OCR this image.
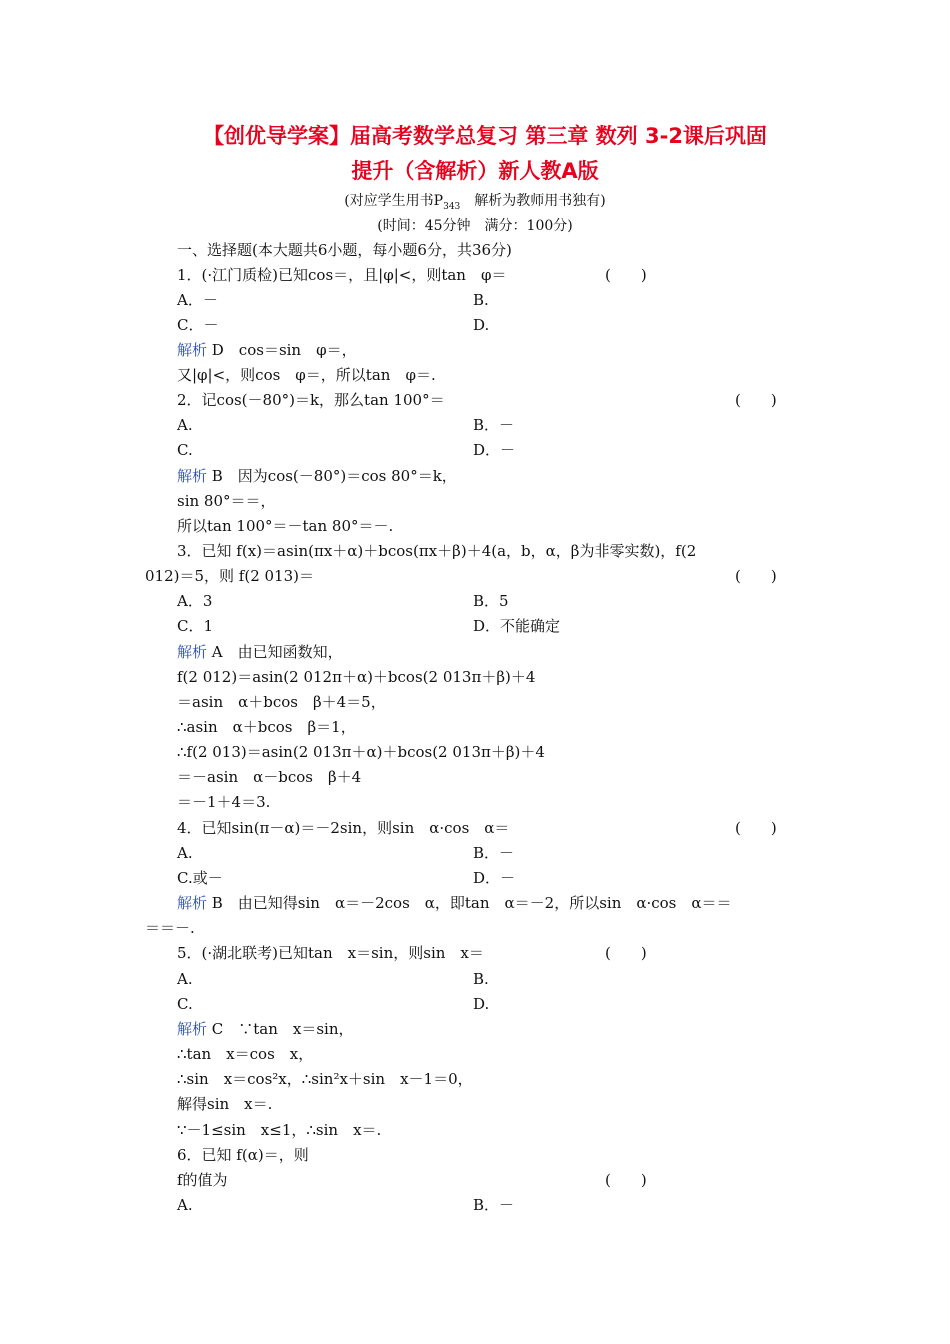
【创优导学案】届高考数学总复习 第三章 数列 3-2课后巩固
提升（含解析）新人教A版
(对应学生用书$P_{343}$　解析为教师用书独有)
(时间：45分钟　满分：100分)
一、选择题(本大题共6小题，每小题6分，共36分)
1．(·江门质检)已知cos＝，且|φ|<，则tan　φ＝	(　　)
A．－	B.
C．－	D.
解析 D　cos＝sin　φ＝，
又|φ|<，则cos　φ＝，所以tan　φ＝.
2．记cos(－80°)＝k，那么tan 100°＝	(　　)
A.	B．－
C.	D．－
解析 B　因为cos(－80°)＝cos 80°＝k，
sin 80°＝＝，
所以tan 100°＝－tan 80°＝－.
3．已知 f(x)＝asin(πx＋α)＋bcos(πx＋β)＋4(a，b，α，β为非零实数)，f(2
012)＝5，则 f(2 013)＝	(　　)
A．3	B．5
C．1	D．不能确定
解析 A　由已知函数知，
f(2 012)＝asin(2 012π＋α)＋bcos(2 013π＋β)＋4
＝asin　α＋bcos　β＋4＝5，
∴asin　α＋bcos　β＝1，
∴f(2 013)＝asin(2 013π＋α)＋bcos(2 013π＋β)＋4
＝－asin　α－bcos　β＋4
＝－1＋4＝3.
4．已知sin(π－α)＝－2sin，则sin　α·cos　α＝	(　　)
A.	B．－
C.或－	D．－
解析 B　由已知得sin　α＝－2cos　α，即tan　α＝－2，所以sin　α·cos　α＝＝
＝＝－.
5．(·湖北联考)已知tan　x＝sin，则sin　x＝	(　　)
A.	B.
C.	D.
解析 C　∵tan　x＝sin，
∴tan　x＝cos　x，
∴sin　x＝cos²x，∴sin²x＋sin　x－1＝0，
解得sin　x＝.
∵－1≤sin　x≤1，∴sin　x＝.
6．已知 f(α)＝，则
f的值为	(　　)
A.	B．－
